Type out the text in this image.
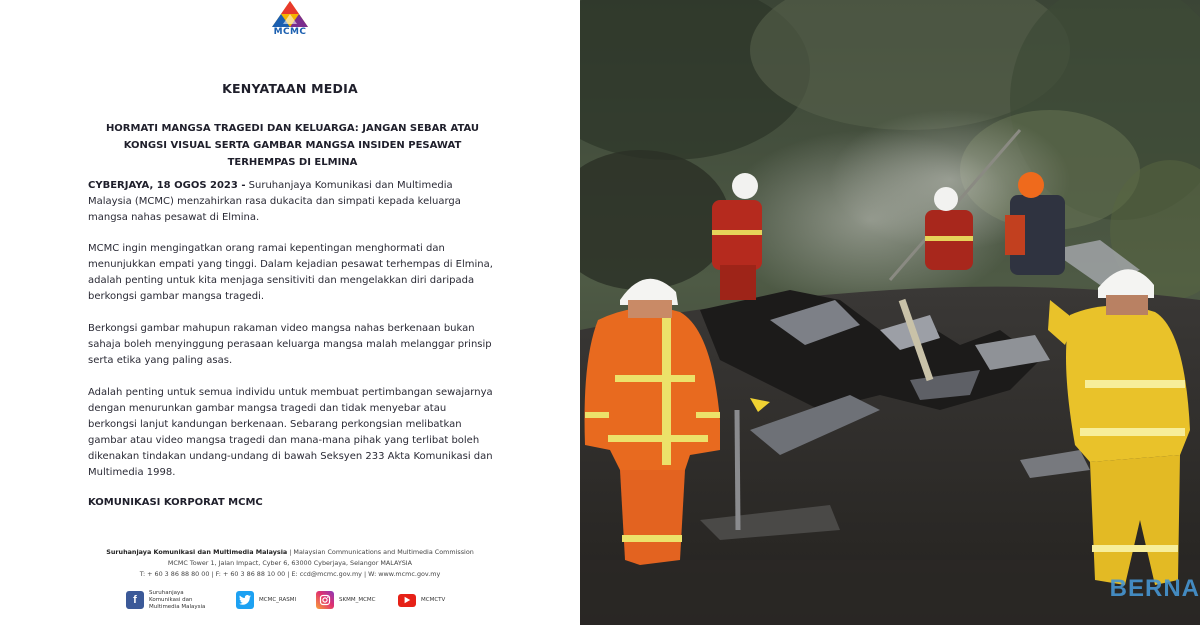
MCMC
KENYATAAN MEDIA
HORMATI MANGSA TRAGEDI DAN KELUARGA: JANGAN SEBAR ATAU KONGSI VISUAL SERTA GAMBAR MANGSA INSIDEN PESAWAT TERHEMPAS DI ELMINA
CYBERJAYA, 18 OGOS 2023 - Suruhanjaya Komunikasi dan Multimedia Malaysia (MCMC) menzahirkan rasa dukacita dan simpati kepada keluarga mangsa nahas pesawat di Elmina.
MCMC ingin mengingatkan orang ramai kepentingan menghormati dan menunjukkan empati yang tinggi. Dalam kejadian pesawat terhempas di Elmina, adalah penting untuk kita menjaga sensitiviti dan mengelakkan diri daripada berkongsi gambar mangsa tragedi.
Berkongsi gambar mahupun rakaman video mangsa nahas berkenaan bukan sahaja boleh menyinggung perasaan keluarga mangsa malah melanggar prinsip serta etika yang paling asas.
Adalah penting untuk semua individu untuk membuat pertimbangan sewajarnya dengan menurunkan gambar mangsa tragedi dan tidak menyebar atau berkongsi lanjut kandungan berkenaan. Sebarang perkongsian melibatkan gambar atau video mangsa tragedi dan mana-mana pihak yang terlibat boleh dikenakan tindakan undang-undang di bawah Seksyen 233 Akta Komunikasi dan Multimedia 1998.
KOMUNIKASI KORPORAT MCMC
Suruhanjaya Komunikasi dan Multimedia Malaysia | Malaysian Communications and Multimedia Commission
MCMC Tower 1, Jalan Impact, Cyber 6, 63000 Cyberjaya, Selangor MALAYSIA
T: + 60 3 86 88 80 00 | F: + 60 3 86 88 10 00 | E: ccd@mcmc.gov.my | W: www.mcmc.gov.my
f
Suruhanjaya Komunikasi dan Multimedia Malaysia
MCMC_RASMI	SKMM_MCMC	MCMCTV	BERNA
